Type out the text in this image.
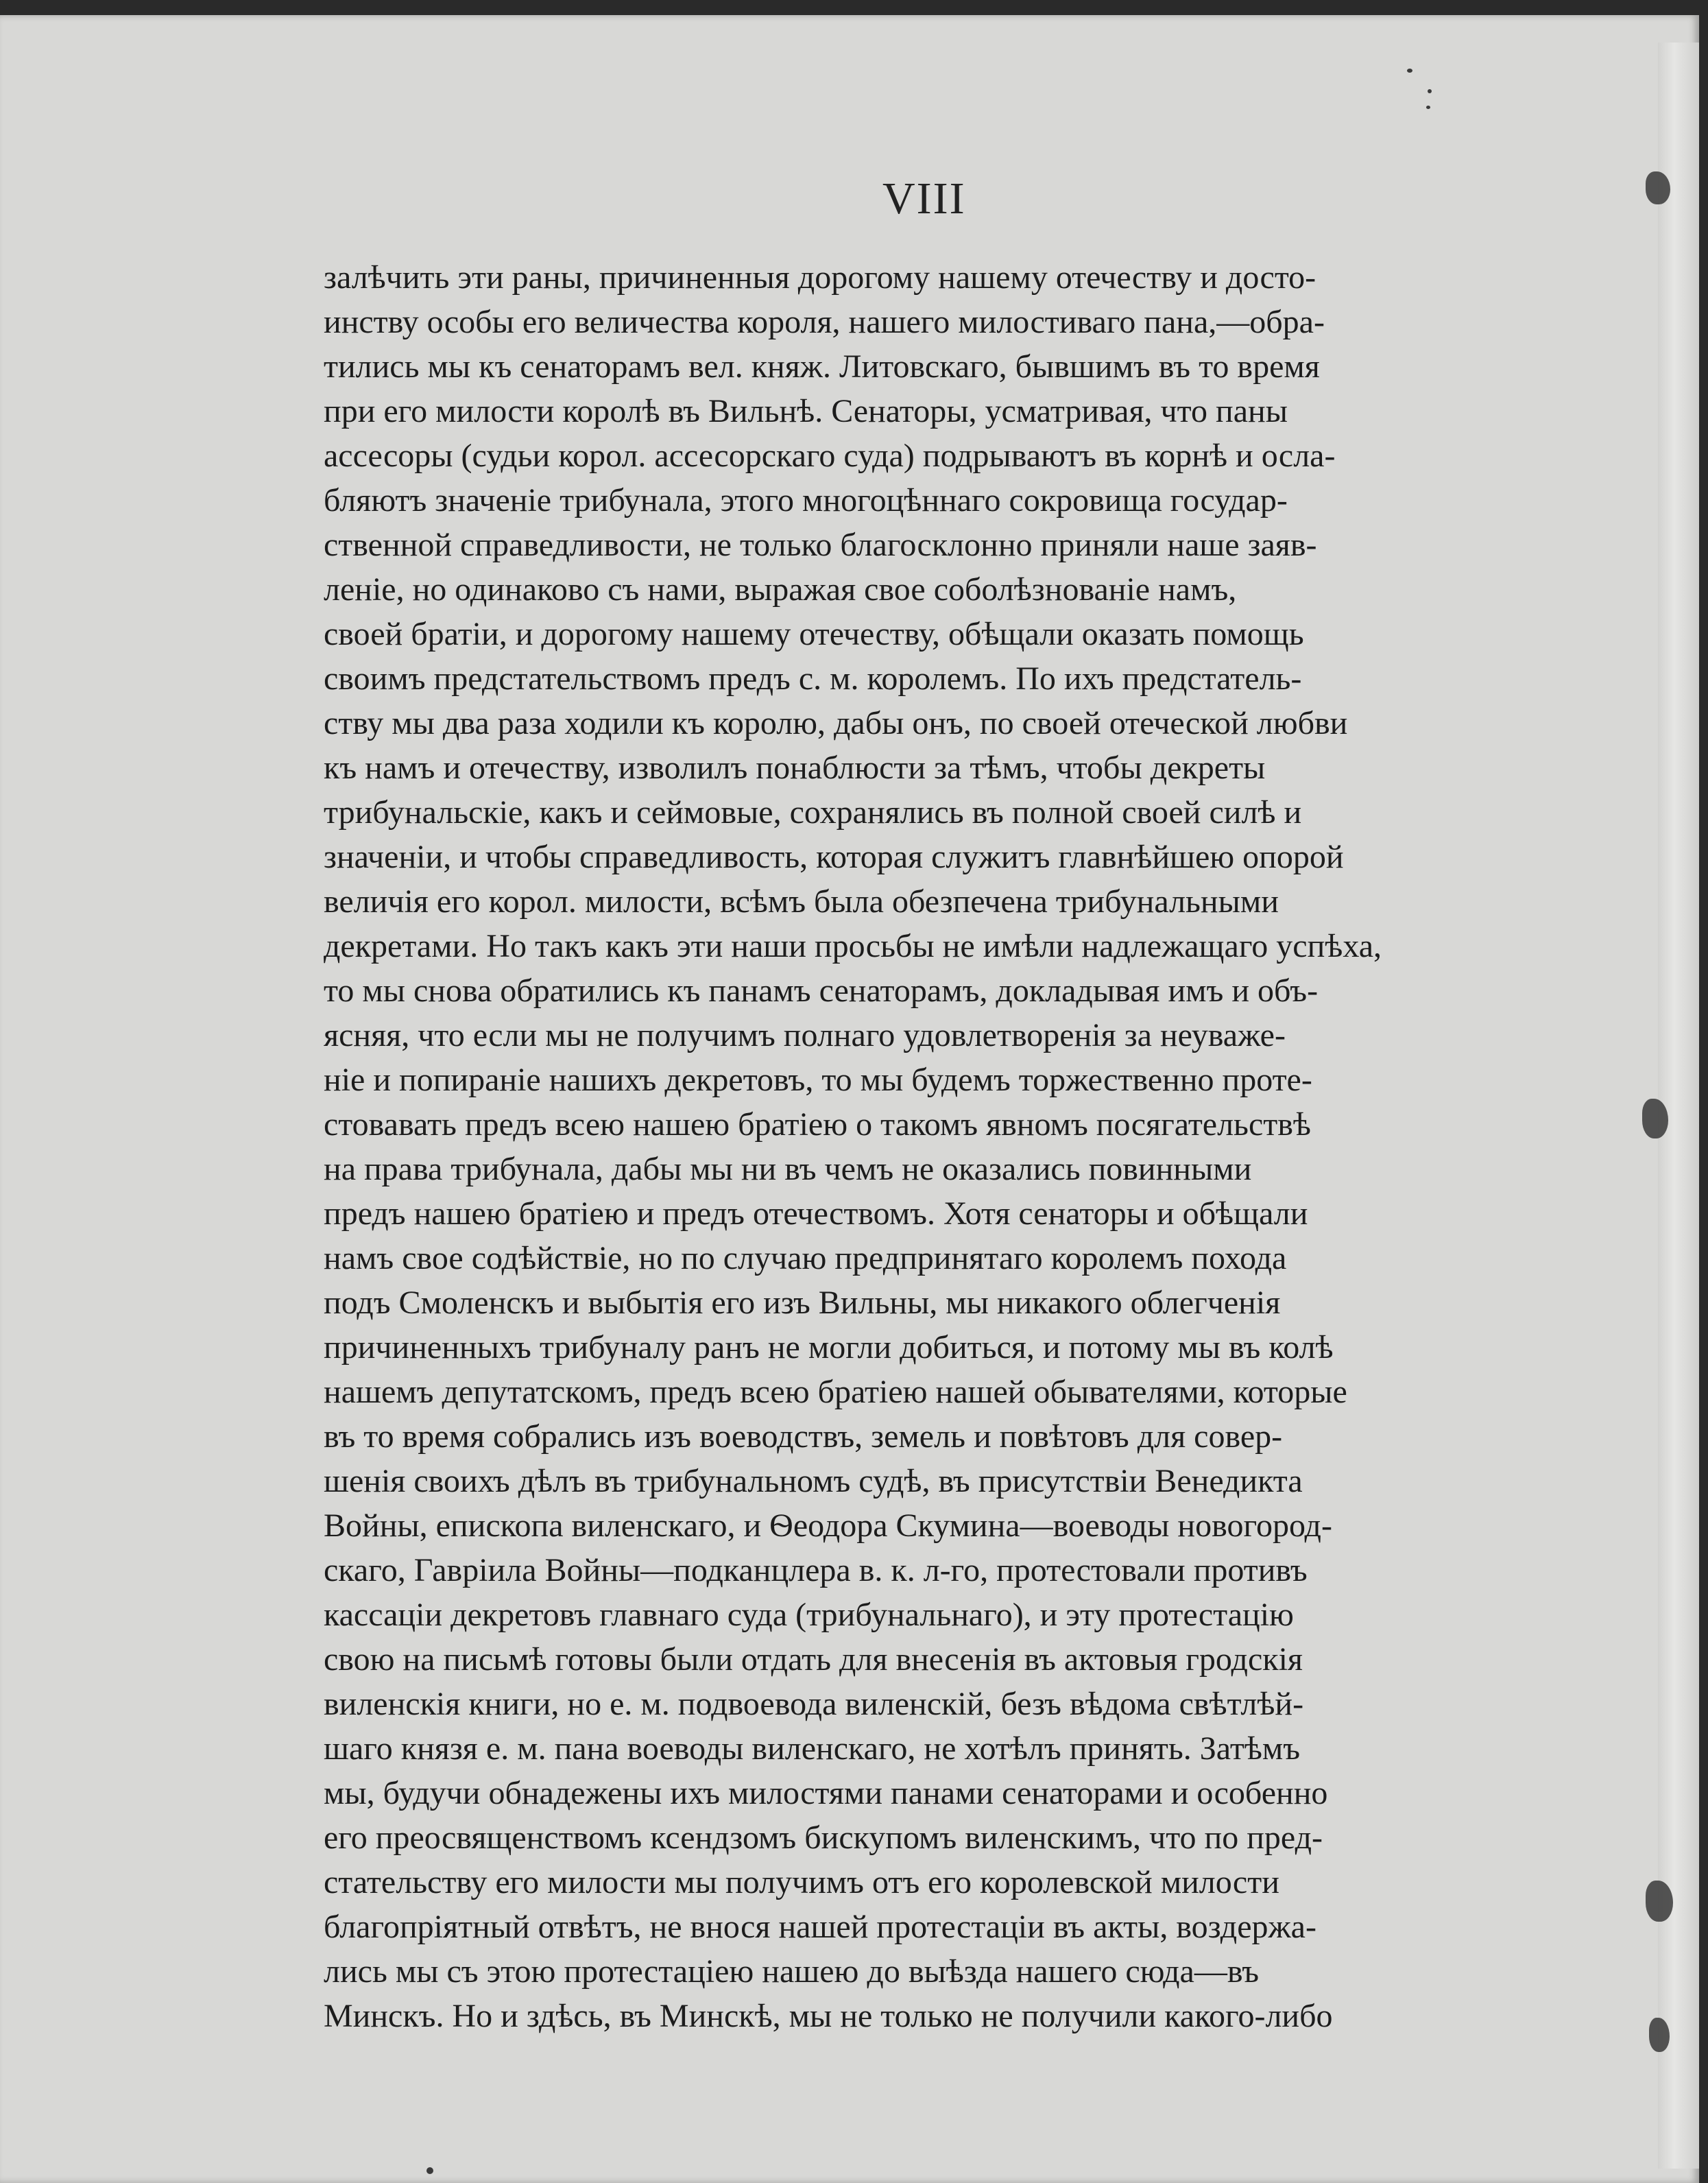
VIII
залѣчить эти раны, причиненныя дорогому нашему отечеству и досто-
инству особы его величества короля, нашего милостиваго пана,—обра-
тились мы къ сенаторамъ вел. княж. Литовскаго, бывшимъ въ то время
при его милости королѣ въ Вильнѣ. Сенаторы, усматривая, что паны
ассесоры (судьи корол. ассесорскаго суда) подрываютъ въ корнѣ и осла-
бляютъ значеніе трибунала, этого многоцѣннаго сокровища государ-
ственной справедливости, не только благосклонно приняли наше заяв-
леніе, но одинаково съ нами, выражая свое соболѣзнованіе намъ,
своей братіи, и дорогому нашему отечеству, обѣщали оказать помощь
своимъ предстательствомъ предъ с. м. королемъ. По ихъ предстатель-
ству мы два раза ходили къ королю, дабы онъ, по своей отеческой любви
къ намъ и отечеству, изволилъ понаблюсти за тѣмъ, чтобы декреты
трибунальскіе, какъ и сеймовые, сохранялись въ полной своей силѣ и
значеніи, и чтобы справедливость, которая служитъ главнѣйшею опорой
величія его корол. милости, всѣмъ была обезпечена трибунальными
декретами. Но такъ какъ эти наши просьбы не имѣли надлежащаго успѣха,
то мы снова обратились къ панамъ сенаторамъ, докладывая имъ и объ-
ясняя, что если мы не получимъ полнаго удовлетворенія за неуваже-
ніе и попираніе нашихъ декретовъ, то мы будемъ торжественно проте-
стовавать предъ всею нашею братіею о такомъ явномъ посягательствѣ
на права трибунала, дабы мы ни въ чемъ не оказались повинными
предъ нашею братіею и предъ отечествомъ. Хотя сенаторы и обѣщали
намъ свое содѣйствіе, но по случаю предпринятаго королемъ похода
подъ Смоленскъ и выбытія его изъ Вильны, мы никакого облегченія
причиненныхъ трибуналу ранъ не могли добиться, и потому мы въ колѣ
нашемъ депутатскомъ, предъ всею братіею нашей обывателями, которые
въ то время собрались изъ воеводствъ, земель и повѣтовъ для совер-
шенія своихъ дѣлъ въ трибунальномъ судѣ, въ присутствіи Венедикта
Войны, епископа виленскаго, и Ѳеодора Скумина—воеводы новогород-
скаго, Гавріила Войны—подканцлера в. к. л-го, протестовали противъ
кассаціи декретовъ главнаго суда (трибунальнаго), и эту протестацію
свою на письмѣ готовы были отдать для внесенія въ актовыя гродскія
виленскія книги, но е. м. подвоевода виленскій, безъ вѣдома свѣтлѣй-
шаго князя е. м. пана воеводы виленскаго, не хотѣлъ принять. Затѣмъ
мы, будучи обнадежены ихъ милостями панами сенаторами и особенно
его преосвященствомъ ксендзомъ бискупомъ виленскимъ, что по пред-
стательству его милости мы получимъ отъ его королевской милости
благопріятный отвѣтъ, не внося нашей протестаціи въ акты, воздержа-
лись мы съ этою протестаціею нашею до выѣзда нашего сюда—въ
Минскъ. Но и здѣсь, въ Минскѣ, мы не только не получили какого-либо
